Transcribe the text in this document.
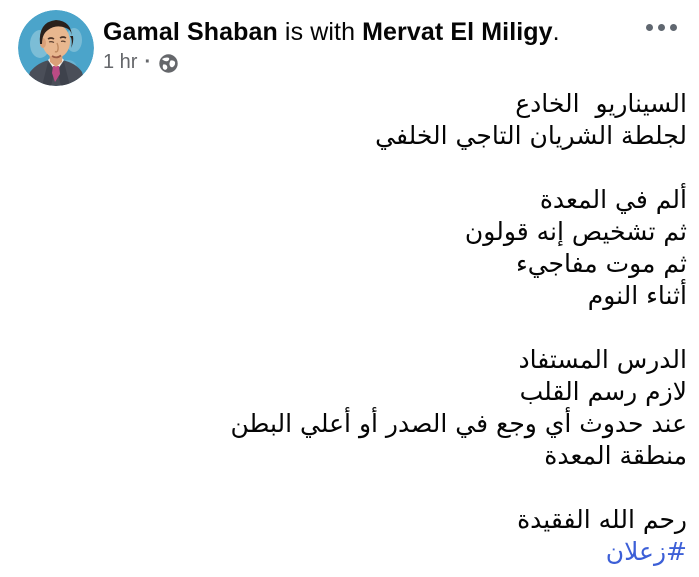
Gamal Shaban is with Mervat El Miligy.
1 hr ·
السيناريو  الخادع
لجلطة الشريان التاجي الخلفي
ألم في المعدة
ثم تشخيص إنه قولون
ثم موت مفاجيء
أثناء النوم
الدرس المستفاد
لازم رسم القلب
عند حدوث أي وجع في الصدر أو أعلي البطن
منطقة المعدة
رحم الله الفقيدة
#زعلان
